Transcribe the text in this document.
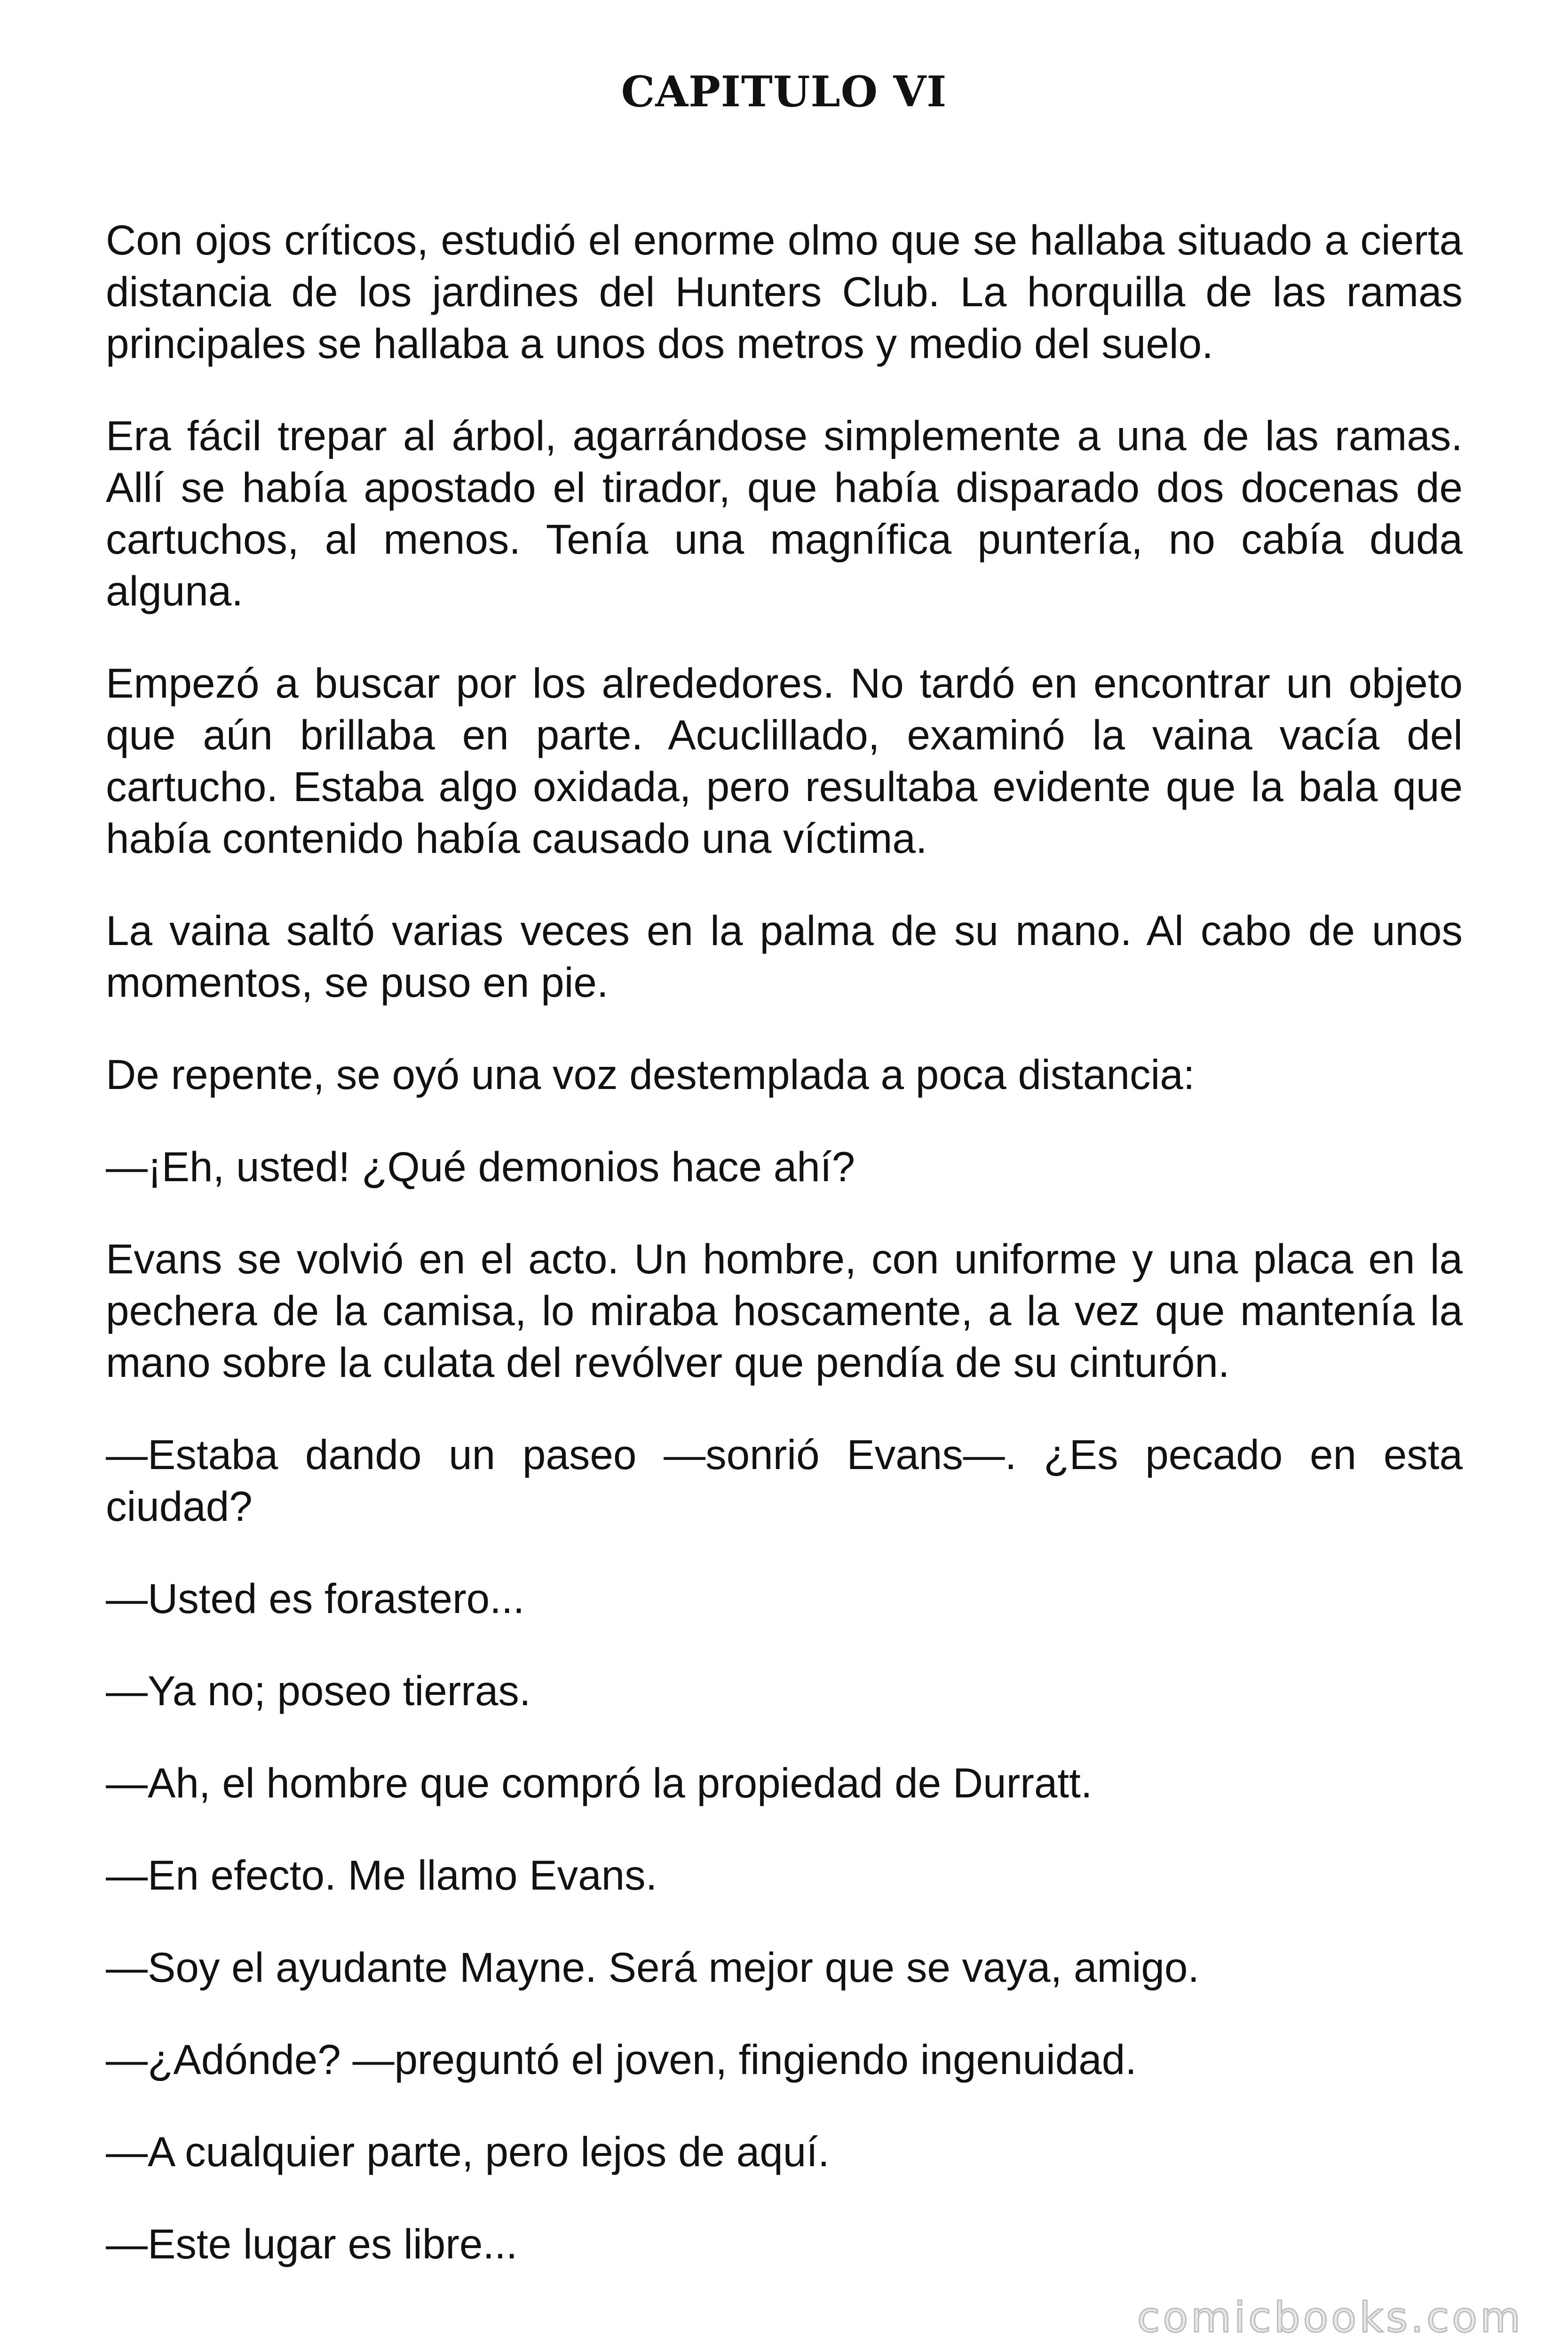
CAPITULO VI

Con ojos críticos, estudió el enorme olmo que se hallaba situado a cierta distancia de los jardines del Hunters Club. La horquilla de las ramas principales se hallaba a unos dos metros y medio del suelo.

Era fácil trepar al árbol, agarrándose simplemente a una de las ramas. Allí se había apostado el tirador, que había disparado dos docenas de cartuchos, al menos. Tenía una magnífica puntería, no cabía duda alguna.

Empezó a buscar por los alrededores. No tardó en encontrar un objeto que aún brillaba en parte. Acuclillado, examinó la vaina vacía del cartucho. Estaba algo oxidada, pero resultaba evidente que la bala que había contenido había causado una víctima.

La vaina saltó varias veces en la palma de su mano. Al cabo de unos momentos, se puso en pie.

De repente, se oyó una voz destemplada a poca distancia:

—¡Eh, usted! ¿Qué demonios hace ahí?

Evans se volvió en el acto. Un hombre, con uniforme y una placa en la pechera de la camisa, lo miraba hoscamente, a la vez que mantenía la mano sobre la culata del revólver que pendía de su cinturón.

—Estaba dando un paseo —sonrió Evans—. ¿Es pecado en esta ciudad?

—Usted es forastero...

—Ya no; poseo tierras.

—Ah, el hombre que compró la propiedad de Durratt.

—En efecto. Me llamo Evans.

—Soy el ayudante Mayne. Será mejor que se vaya, amigo.

—¿Adónde? —preguntó el joven, fingiendo ingenuidad.

—A cualquier parte, pero lejos de aquí.

—Este lugar es libre...

comicbooks.com
